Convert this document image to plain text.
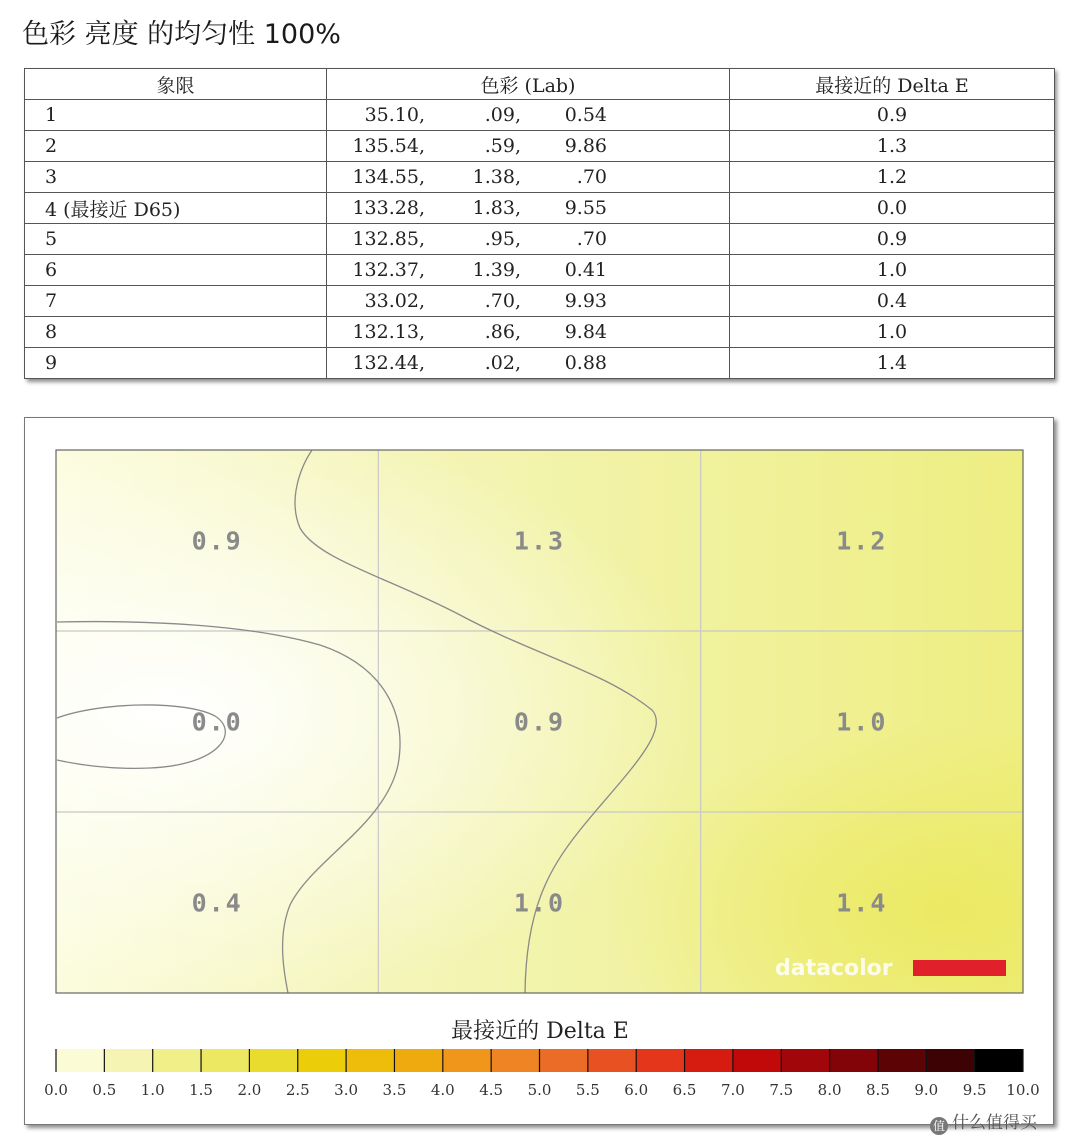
色彩 亮度 的均匀性 100%
象限	色彩 (Lab)	最接近的 Delta E
1	35.10, .09, 0.54	0.9
2	135.54, .59, 9.86	1.3
3	134.55, 1.38, .70	1.2
4 (最接近 D65)	133.28, 1.83, 9.55	0.0
5	132.85, .95, .70	0.9
6	132.37, 1.39, 0.41	1.0
7	33.02, .70, 9.93	0.4
8	132.13, .86, 9.84	1.0
9	132.44, .02, 0.88	1.4
0.9	1.3	1.2
0.0	0.9	1.0
0.4	1.0	1.4
datacolor
最接近的 Delta E
0.0 0.5 1.0 1.5 2.0 2.5 3.0 3.5 4.0 4.5 5.0 5.5 6.0 6.5 7.0 7.5 8.0 8.5 9.0 9.5 10.0
值 什么值得买
